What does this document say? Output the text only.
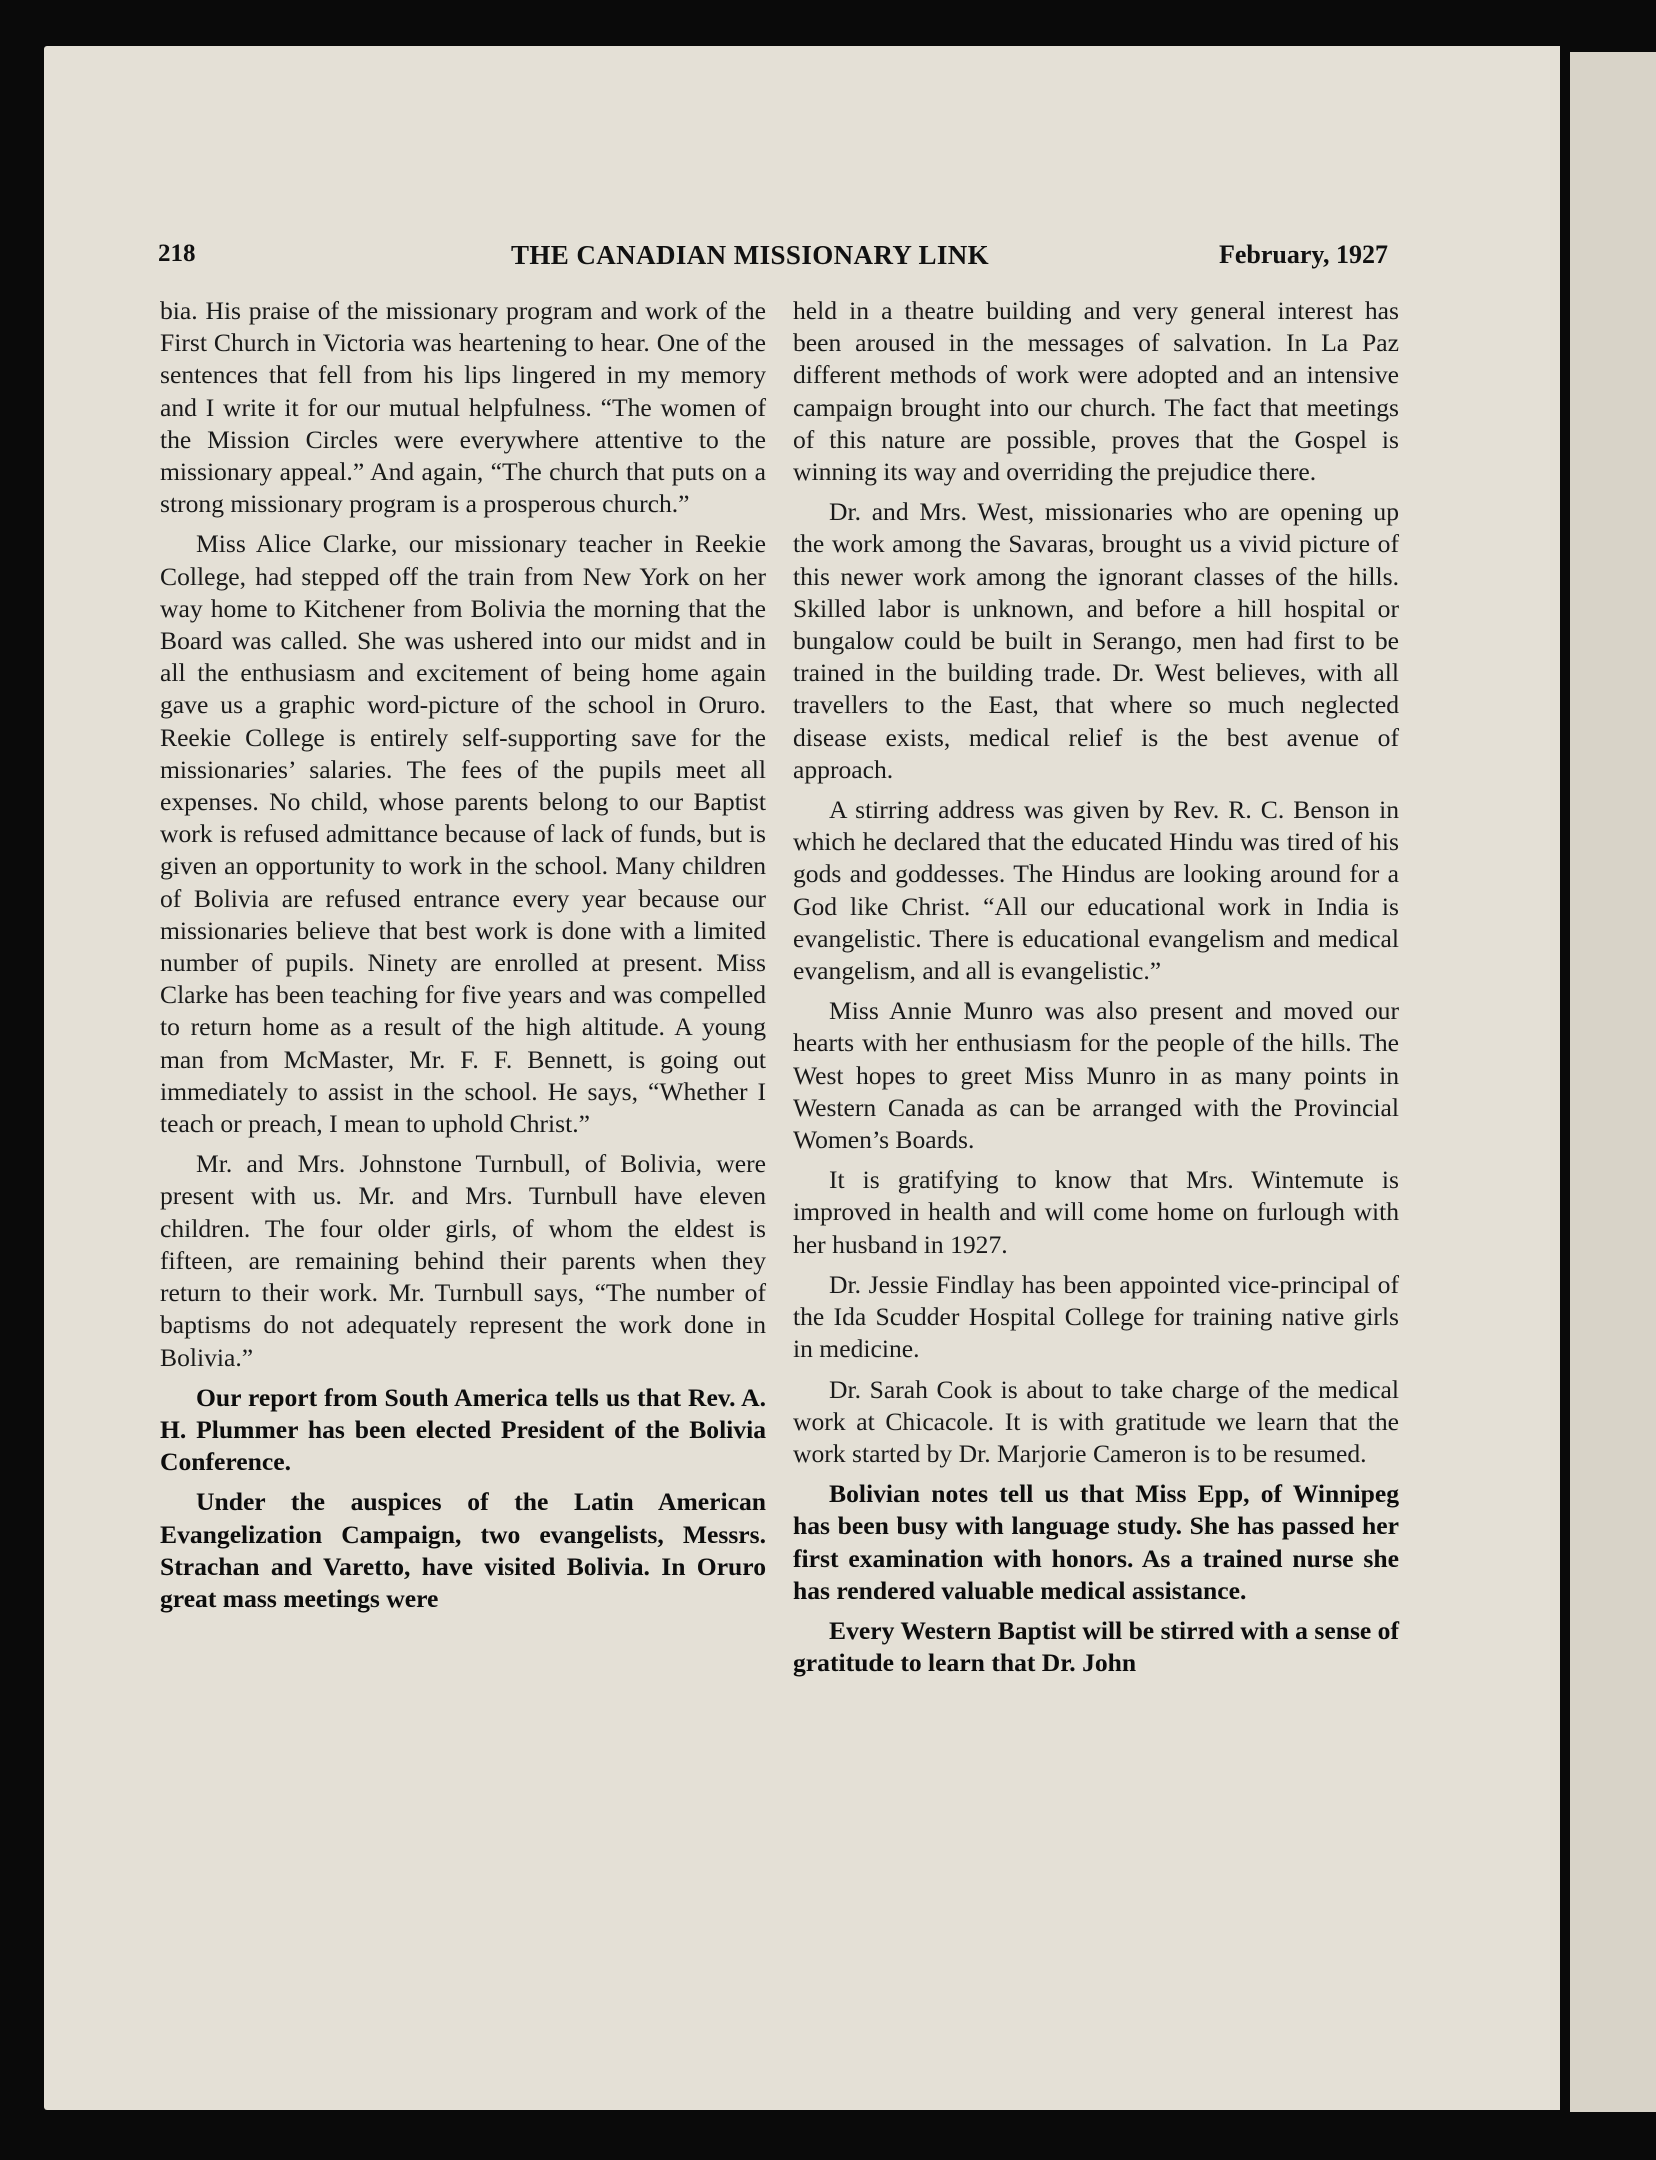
218	THE CANADIAN MISSIONARY LINK	February, 1927

bia. His praise of the missionary program and work of the First Church in Victoria was heartening to hear. One of the sentences that fell from his lips lingered in my memory and I write it for our mutual helpfulness. “The women of the Mission Circles were everywhere attentive to the missionary appeal.” And again, “The church that puts on a strong missionary program is a prosperous church.”

Miss Alice Clarke, our missionary teacher in Reekie College, had stepped off the train from New York on her way home to Kitchener from Bolivia the morning that the Board was called. She was ushered into our midst and in all the enthusiasm and excitement of being home again gave us a graphic word-picture of the school in Oruro. Reekie College is entirely self-supporting save for the missionaries’ salaries. The fees of the pupils meet all expenses. No child, whose parents belong to our Baptist work is refused admittance because of lack of funds, but is given an opportunity to work in the school. Many children of Bolivia are refused entrance every year because our missionaries believe that best work is done with a limited number of pupils. Ninety are enrolled at present. Miss Clarke has been teaching for five years and was compelled to return home as a result of the high altitude. A young man from McMaster, Mr. F. F. Bennett, is going out immediately to assist in the school. He says, “Whether I teach or preach, I mean to uphold Christ.”

Mr. and Mrs. Johnstone Turnbull, of Bolivia, were present with us. Mr. and Mrs. Turnbull have eleven children. The four older girls, of whom the eldest is fifteen, are remaining behind their parents when they return to their work. Mr. Turnbull says, “The number of baptisms do not adequately represent the work done in Bolivia.”

Our report from South America tells us that Rev. A. H. Plummer has been elected President of the Bolivia Conference.

Under the auspices of the Latin American Evangelization Campaign, two evangelists, Messrs. Strachan and Varetto, have visited Bolivia. In Oruro great mass meetings were

held in a theatre building and very general interest has been aroused in the messages of salvation. In La Paz different methods of work were adopted and an intensive campaign brought into our church. The fact that meetings of this nature are possible, proves that the Gospel is winning its way and overriding the prejudice there.

Dr. and Mrs. West, missionaries who are opening up the work among the Savaras, brought us a vivid picture of this newer work among the ignorant classes of the hills. Skilled labor is unknown, and before a hill hospital or bungalow could be built in Serango, men had first to be trained in the building trade. Dr. West believes, with all travellers to the East, that where so much neglected disease exists, medical relief is the best avenue of approach.

A stirring address was given by Rev. R. C. Benson in which he declared that the educated Hindu was tired of his gods and goddesses. The Hindus are looking around for a God like Christ. “All our educational work in India is evangelistic. There is educational evangelism and medical evangelism, and all is evangelistic.”

Miss Annie Munro was also present and moved our hearts with her enthusiasm for the people of the hills. The West hopes to greet Miss Munro in as many points in Western Canada as can be arranged with the Provincial Women’s Boards.

It is gratifying to know that Mrs. Wintemute is improved in health and will come home on furlough with her husband in 1927.

Dr. Jessie Findlay has been appointed vice-principal of the Ida Scudder Hospital College for training native girls in medicine.

Dr. Sarah Cook is about to take charge of the medical work at Chicacole. It is with gratitude we learn that the work started by Dr. Marjorie Cameron is to be resumed.

Bolivian notes tell us that Miss Epp, of Winnipeg has been busy with language study. She has passed her first examination with honors. As a trained nurse she has rendered valuable medical assistance.

Every Western Baptist will be stirred with a sense of gratitude to learn that Dr. John
